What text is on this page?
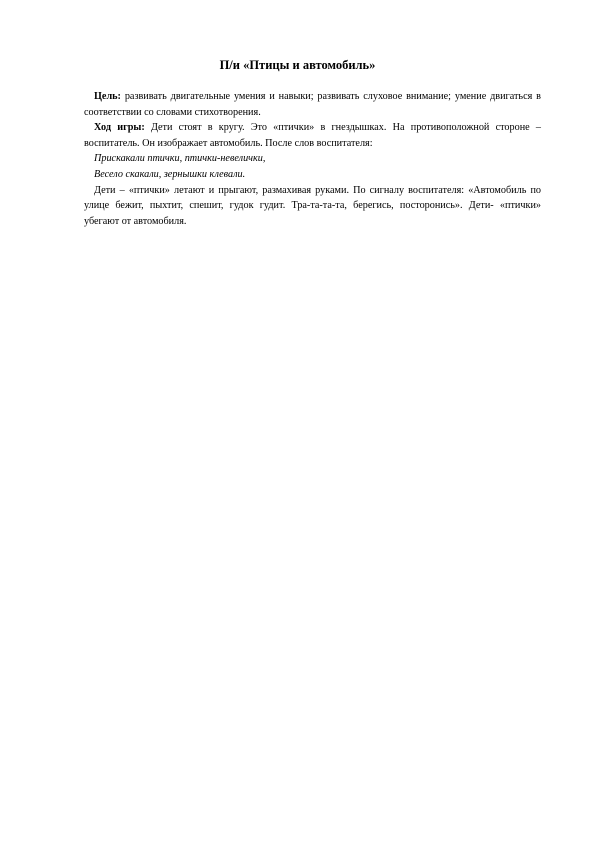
П/и «Птицы и автомобиль»

Цель: развивать двигательные умения и навыки; развивать слуховое внимание; умение двигаться в соответствии со словами стихотворения.

Ход игры: Дети стоят в кругу. Это «птички» в гнездышках. На противоположной стороне – воспитатель. Он изображает автомобиль. После слов воспитателя:

Прискакали птички, птички-невелички,

Весело скакали, зернышки клевали.

Дети – «птички» летают и прыгают, размахивая руками. По сигналу воспитателя: «Автомобиль по улице бежит, пыхтит, спешит, гудок гудит. Тра-та-та-та, берегись, посторонись». Дети- «птички» убегают от автомобиля.
